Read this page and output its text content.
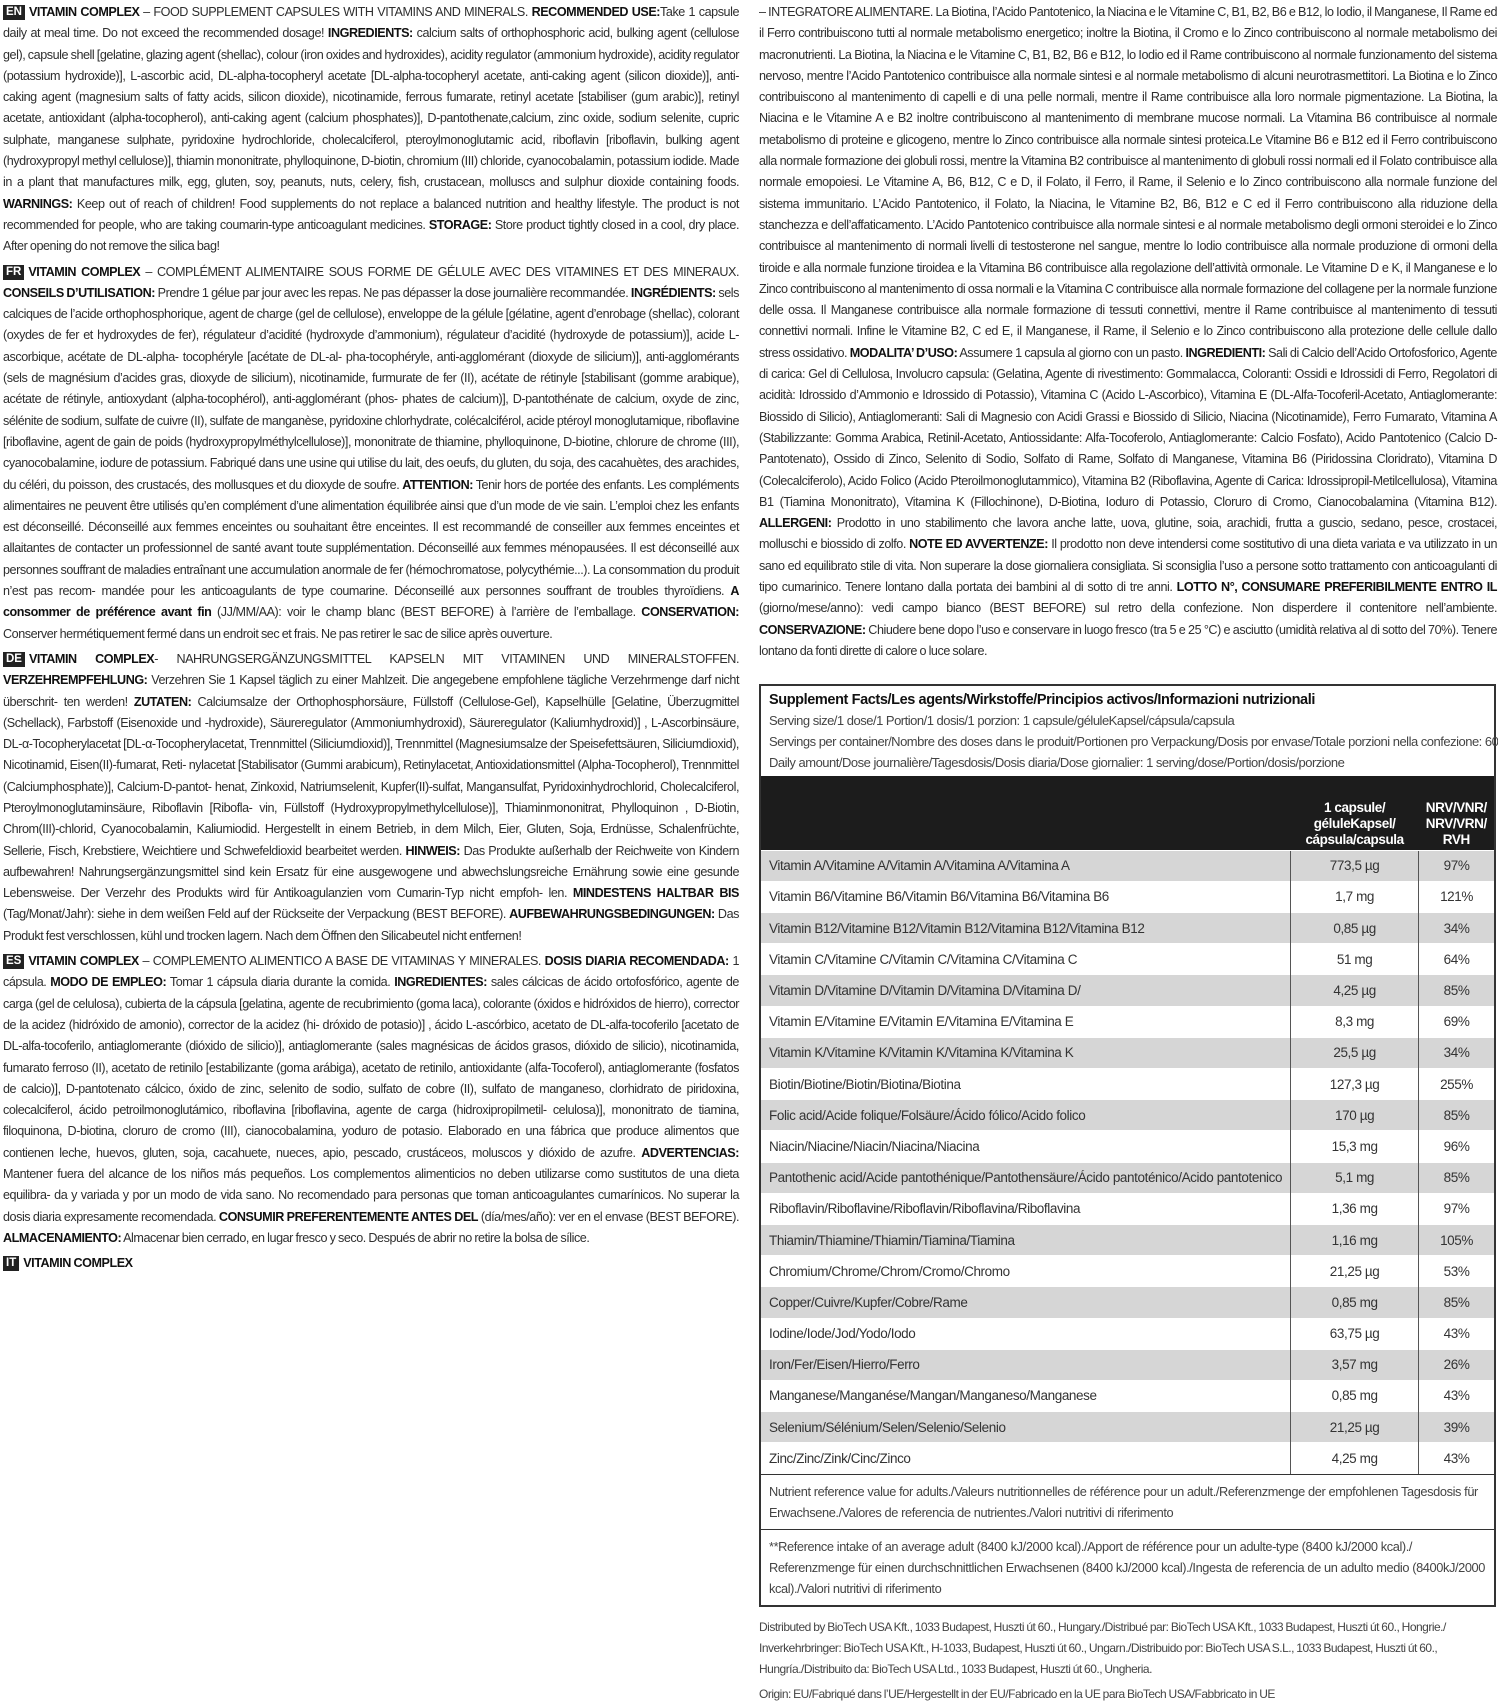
EN VITAMIN COMPLEX – FOOD SUPPLEMENT CAPSULES WITH VITAMINS AND MINERALS. RECOMMENDED USE:Take 1 capsule daily at meal time. Do not exceed the recommended dosage! INGREDIENTS: calcium salts of orthophosphoric acid, bulking agent (cellulose gel), capsule shell [gelatine, glazing agent (shellac), colour (iron oxides and hydroxides), acidity regulator (ammonium hydroxide), acidity regulator (potassium hydroxide)], L-ascorbic acid, DL-alpha-tocopheryl acetate [DL-alpha-tocopheryl acetate, anti-caking agent (silicon dioxide)], anti-caking agent (magnesium salts of fatty acids, silicon dioxide), nicotinamide, ferrous fumarate, retinyl acetate [stabiliser (gum arabic)], retinyl acetate, antioxidant (alpha-tocopherol), anti-caking agent (calcium phosphates)], D-pantothenate,calcium, zinc oxide, sodium selenite, cupric sulphate, manganese sulphate, pyridoxine hydrochloride, cholecalciferol, pteroylmonoglutamic acid, riboflavin [riboflavin, bulking agent (hydroxypropyl methyl cellulose)], thiamin mononitrate, phylloquinone, D-biotin, chromium (III) chloride, cyanocobalamin, potassium iodide. Made in a plant that manufactures milk, egg, gluten, soy, peanuts, nuts, celery, fish, crustacean, molluscs and sulphur dioxide containing foods. WARNINGS: Keep out of reach of children! Food supplements do not replace a balanced nutrition and healthy lifestyle. The product is not recommended for people, who are taking coumarin-type anticoagulant medicines. STORAGE: Store product tightly closed in a cool, dry place. After opening do not remove the silica bag!

FR VITAMIN COMPLEX – COMPLÉMENT ALIMENTAIRE SOUS FORME DE GÉLULE AVEC DES VITAMINES ET DES MINERAUX. CONSEILS D’UTILISATION: Prendre 1 gélue par jour avec les repas. Ne pas dépasser la dose journalière recommandée. INGRÉDIENTS: sels calciques de l’acide orthophosphorique, agent de charge (gel de cellulose), enveloppe de la gélule [gélatine, agent d’enrobage (shellac), colorant (oxydes de fer et hydroxydes de fer), régulateur d’acidité (hydroxyde d’ammonium), régulateur d’acidité (hydroxyde de potassium)], acide L-ascorbique, acétate de DL-alpha- tocophéryle [acétate de DL-al- pha-tocophéryle, anti-agglomérant (dioxyde de silicium)], anti-agglomérants (sels de magnésium d’acides gras, dioxyde de silicium), nicotinamide, furmurate de fer (II), acétate de rétinyle [stabilisant (gomme arabique), acétate de rétinyle, antioxydant (alpha-tocophérol), anti-agglomérant (phos- phates de calcium)], D-pantothénate de calcium, oxyde de zinc, sélénite de sodium, sulfate de cuivre (II), sulfate de manganèse, pyridoxine chlorhydrate, colécalciférol, acide ptéroyl monoglutamique, riboflavine [riboflavine, agent de gain de poids (hydroxypropylméthylcellulose)], mononitrate de thiamine, phylloquinone, D-biotine, chlorure de chrome (III), cyanocobalamine, iodure de potassium. Fabriqué dans une usine qui utilise du lait, des oeufs, du gluten, du soja, des cacahuètes, des arachides, du céléri, du poisson, des crustacés, des mollusques et du dioxyde de soufre. ATTENTION: Tenir hors de portée des enfants. Les compléments alimentaires ne peuvent être utilisés qu’en complément d’une alimentation équilibrée ainsi que d’un mode de vie sain. L’emploi chez les enfants est déconseillé. Déconseillé aux femmes enceintes ou souhaitant être enceintes. Il est recommandé de conseiller aux femmes enceintes et allaitantes de contacter un professionnel de santé avant toute supplémentation. Déconseillé aux femmes ménopausées. Il est déconseillé aux personnes souffrant de maladies entraînant une accumulation anormale de fer (hémochromatose, polycythémie...). La consommation du produit n’est pas recom- mandée pour les anticoagulants de type coumarine. Déconseillé aux personnes souffrant de troubles thyroïdiens. A consommer de préférence avant fin (JJ/MM/AA): voir le champ blanc (BEST BEFORE) à l’arrière de l’emballage. CONSERVATION: Conserver hermétiquement fermé dans un endroit sec et frais. Ne pas retirer le sac de silice après ouverture.

DE VITAMIN COMPLEX- NAHRUNGSERGÄNZUNGSMITTEL KAPSELN MIT VITAMINEN UND MINERALSTOFFEN. VERZEHREMPFEHLUNG: Verzehren Sie 1 Kapsel täglich zu einer Mahlzeit. Die angegebene empfohlene tägliche Verzehrmenge darf nicht überschrit- ten werden! ZUTATEN: Calciumsalze der Orthophosphorsäure, Füllstoff (Cellulose-Gel), Kapselhülle [Gelatine, Überzugmittel (Schellack), Farbstoff (Eisenoxide und -hydroxide), Säureregulator (Ammoniumhydroxid), Säureregulator (Kaliumhydroxid)] , L-Ascorbinsäure, DL-α-Tocopherylacetat [DL-α-Tocopherylacetat, Trennmittel (Siliciumdioxid)], Trennmittel (Magnesiumsalze der Speisefettsäuren, Siliciumdioxid), Nicotinamid, Eisen(II)-fumarat, Reti- nylacetat [Stabilisator (Gummi arabicum), Retinylacetat, Antioxidationsmittel (Alpha-Tocopherol), Trennmittel (Calciumphosphate)], Calcium-D-pantot- henat, Zinkoxid, Natriumselenit, Kupfer(II)-sulfat, Mangansulfat, Pyridoxinhydrochlorid, Cholecalciferol, Pteroylmonoglutaminsäure, Riboflavin [Ribofla- vin, Füllstoff (Hydroxypropylmethylcellulose)], Thiaminmononitrat, Phylloquinon , D-Biotin, Chrom(III)-chlorid, Cyanocobalamin, Kaliumiodid. Hergestellt in einem Betrieb, in dem Milch, Eier, Gluten, Soja, Erdnüsse, Schalenfrüchte, Sellerie, Fisch, Krebstiere, Weichtiere und Schwefeldioxid bearbeitet werden. HINWEIS: Das Produkte außerhalb der Reichweite von Kindern aufbewahren! Nahrungsergänzungsmittel sind kein Ersatz für eine ausgewogene und abwechslungsreiche Ernährung sowie eine gesunde Lebensweise. Der Verzehr des Produkts wird für Antikoagulanzien vom Cumarin-Typ nicht empfoh- len. MINDESTENS HALTBAR BIS (Tag/Monat/Jahr): siehe in dem weißen Feld auf der Rückseite der Verpackung (BEST BEFORE). AUFBEWAHRUNGSBEDINGUNGEN: Das Produkt fest verschlossen, kühl und trocken lagern. Nach dem Öffnen den Silicabeutel nicht entfernen!

ES VITAMIN COMPLEX – COMPLEMENTO ALIMENTICO A BASE DE VITAMINAS Y MINERALES. DOSIS DIARIA RECOMENDADA: 1 cápsula. MODO DE EMPLEO: Tomar 1 cápsula diaria durante la comida. INGREDIENTES: sales cálcicas de ácido ortofosfórico, agente de carga (gel de celulosa), cubierta de la cápsula [gelatina, agente de recubrimiento (goma laca), colorante (óxidos e hidróxidos de hierro), corrector de la acidez (hidróxido de amonio), corrector de la acidez (hi- dróxido de potasio)] , ácido L-ascórbico, acetato de DL-alfa-tocoferilo [acetato de DL-alfa-tocoferilo, antiaglomerante (dióxido de silicio)], antiaglomerante (sales magnésicas de ácidos grasos, dióxido de silicio), nicotinamida, fumarato ferroso (II), acetato de retinilo [estabilizante (goma arábiga), acetato de retinilo, antioxidante (alfa-Tocoferol), antiaglomerante (fosfatos de calcio)], D-pantotenato cálcico, óxido de zinc, selenito de sodio, sulfato de cobre (II), sulfato de manganeso, clorhidrato de piridoxina, colecalciferol, ácido petroilmonoglutámico, riboflavina [riboflavina, agente de carga (hidroxipropilmetil- celulosa)], mononitrato de tiamina, filoquinona, D-biotina, cloruro de cromo (III), cianocobalamina, yoduro de potasio. Elaborado en una fábrica que produce alimentos que contienen leche, huevos, gluten, soja, cacahuete, nueces, apio, pescado, crustáceos, moluscos y dióxido de azufre. ADVERTENCIAS: Mantener fuera del alcance de los niños más pequeños. Los complementos alimenticios no deben utilizarse como sustitutos de una dieta equilibra- da y variada y por un modo de vida sano. No recomendado para personas que toman anticoagulantes cumarínicos. No superar la dosis diaria expresamente recomendada. CONSUMIR PREFERENTEMENTE ANTES DEL (día/mes/año): ver en el envase (BEST BEFORE). ALMACENAMIENTO: Almacenar bien cerrado, en lugar fresco y seco. Después de abrir no retire la bolsa de sílice.

IT VITAMIN COMPLEX

– INTEGRATORE ALIMENTARE. La Biotina, l’Acido Pantotenico, la Niacina e le Vitamine C, B1, B2, B6 e B12, lo Iodio, il Manganese, Il Rame ed il Ferro contribuiscono tutti al normale metabolismo energetico; inoltre la Biotina, il Cromo e lo Zinco contribuiscono al normale metabolismo dei macronutrienti. La Biotina, la Niacina e le Vitamine C, B1, B2, B6 e B12, lo Iodio ed il Rame contribuiscono al normale funzionamento del sistema nervoso, mentre l’Acido Pantotenico contribuisce alla normale sintesi e al normale metabolismo di alcuni neurotrasmettitori. La Biotina e lo Zinco contribuiscono al mantenimento di capelli e di una pelle normali, mentre il Rame contribuisce alla loro normale pigmentazione. La Biotina, la Niacina e le Vitamine A e B2 inoltre contribuiscono al mantenimento di membrane mucose normali. La Vitamina B6 contribuisce al normale metabolismo di proteine e glicogeno, mentre lo Zinco contribuisce alla normale sintesi proteica.Le Vitamine B6 e B12 ed il Ferro contribuiscono alla normale formazione dei globuli rossi, mentre la Vitamina B2 contribuisce al mantenimento di globuli rossi normali ed il Folato contribuisce alla normale emopoiesi. Le Vitamine A, B6, B12, C e D, il Folato, il Ferro, il Rame, il Selenio e lo Zinco contribuiscono alla normale funzione del sistema immunitario. L’Acido Pantotenico, il Folato, la Niacina, le Vitamine B2, B6, B12 e C ed il Ferro contribuiscono alla riduzione della stanchezza e dell’affaticamento. L’Acido Pantotenico contribuisce alla normale sintesi e al normale metabolismo degli ormoni steroidei e lo Zinco contribuisce al mantenimento di normali livelli di testosterone nel sangue, mentre lo Iodio contribuisce alla normale produzione di ormoni della tiroide e alla normale funzione tiroidea e la Vitamina B6 contribuisce alla regolazione dell’attività ormonale. Le Vitamine D e K, il Manganese e lo Zinco contribuiscono al mantenimento di ossa normali e la Vitamina C contribuisce alla normale formazione del collagene per la normale funzione delle ossa. Il Manganese contribuisce alla normale formazione di tessuti connettivi, mentre il Rame contribuisce al mantenimento di tessuti connettivi normali. Infine le Vitamine B2, C ed E, il Manganese, il Rame, il Selenio e lo Zinco contribuiscono alla protezione delle cellule dallo stress ossidativo. MODALITA’ D’USO: Assumere 1 capsula al giorno con un pasto. INGREDIENTI: Sali di Calcio dell’Acido Ortofosforico, Agente di carica: Gel di Cellulosa, Involucro capsula: (Gelatina, Agente di rivestimento: Gommalacca, Coloranti: Ossidi e Idrossidi di Ferro, Regolatori di acidità: Idrossido d’Ammonio e Idrossido di Potassio), Vitamina C (Acido L-Ascorbico), Vitamina E (DL-Alfa-Tocoferil-Acetato, Antiaglomerante: Biossido di Silicio), Antiaglomeranti: Sali di Magnesio con Acidi Grassi e Biossido di Silicio, Niacina (Nicotinamide), Ferro Fumarato, Vitamina A (Stabilizzante: Gomma Arabica, Retinil-Acetato, Antiossidante: Alfa-Tocoferolo, Antiaglomerante: Calcio Fosfato), Acido Pantotenico (Calcio D-Pantotenato), Ossido di Zinco, Selenito di Sodio, Solfato di Rame, Solfato di Manganese, Vitamina B6 (Piridossina Cloridrato), Vitamina D (Colecalciferolo), Acido Folico (Acido Pteroilmonoglutammico), Vitamina B2 (Riboflavina, Agente di Carica: Idrossipropil-Metilcellulosa), Vitamina B1 (Tiamina Mononitrato), Vitamina K (Fillochinone), D-Biotina, Ioduro di Potassio, Cloruro di Cromo, Cianocobalamina (Vitamina B12). ALLERGENI: Prodotto in uno stabilimento che lavora anche latte, uova, glutine, soia, arachidi, frutta a guscio, sedano, pesce, crostacei, molluschi e biossido di zolfo. NOTE ED AVVERTENZE: Il prodotto non deve intendersi come sostitutivo di una dieta variata e va utilizzato in un sano ed equilibrato stile di vita. Non superare la dose giornaliera consigliata. Si sconsiglia l’uso a persone sotto trattamento con anticoagulanti di tipo cumarinico. Tenere lontano dalla portata dei bambini al di sotto di tre anni. LOTTO N°, CONSUMARE PREFERIBILMENTE ENTRO IL (giorno/mese/anno): vedi campo bianco (BEST BEFORE) sul retro della confezione. Non disperdere il contenitore nell’ambiente. CONSERVAZIONE: Chiudere bene dopo l’uso e conservare in luogo fresco (tra 5 e 25 °C) e asciutto (umidità relativa al di sotto del 70%). Tenere lontano da fonti dirette di calore o luce solare.

Supplement Facts/Les agents/Wirkstoffe/Principios activos/Informazioni nutrizionali
Serving size/1 dose/1 Portion/1 dosis/1 porzion: 1 capsule/géluleKapsel/cápsula/capsula
Servings per container/Nombre des doses dans le produit/Portionen pro Verpackung/Dosis por envase/Totale porzioni nella confezione: 60
Daily amount/Dose journalière/Tagesdosis/Dosis diaria/Dose giornalier: 1 serving/dose/Portion/dosis/porzione
	1 capsule/ géluleKapsel/ cápsula/capsula	NRV/VNR/ NRV/VRN/ RVH
Vitamin A/Vitamine A/Vitamin A/Vitamina A/Vitamina A	773,5 µg	97%
Vitamin B6/Vitamine B6/Vitamin B6/Vitamina B6/Vitamina B6	1,7 mg	121%
Vitamin B12/Vitamine B12/Vitamin B12/Vitamina B12/Vitamina B12	0,85 µg	34%
Vitamin C/Vitamine C/Vitamin C/Vitamina C/Vitamina C	51 mg	64%
Vitamin D/Vitamine D/Vitamin D/Vitamina D/Vitamina D/	4,25 µg	85%
Vitamin E/Vitamine E/Vitamin E/Vitamina E/Vitamina E	8,3 mg	69%
Vitamin K/Vitamine K/Vitamin K/Vitamina K/Vitamina K	25,5 µg	34%
Biotin/Biotine/Biotin/Biotina/Biotina	127,3 µg	255%
Folic acid/Acide folique/Folsäure/Ácido fólico/Acido folico	170 µg	85%
Niacin/Niacine/Niacin/Niacina/Niacina	15,3 mg	96%
Pantothenic acid/Acide pantothénique/Pantothensäure/Ácido pantoténico/Acido pantotenico	5,1 mg	85%
Riboflavin/Riboflavine/Riboflavin/Riboflavina/Riboflavina	1,36 mg	97%
Thiamin/Thiamine/Thiamin/Tiamina/Tiamina	1,16 mg	105%
Chromium/Chrome/Chrom/Cromo/Chromo	21,25 µg	53%
Copper/Cuivre/Kupfer/Cobre/Rame	0,85 mg	85%
Iodine/Iode/Jod/Yodo/Iodo	63,75 µg	43%
Iron/Fer/Eisen/Hierro/Ferro	3,57 mg	26%
Manganese/Manganése/Mangan/Manganeso/Manganese	0,85 mg	43%
Selenium/Sélénium/Selen/Selenio/Selenio	21,25 µg	39%
Zinc/Zinc/Zink/Cinc/Zinco	4,25 mg	43%
Nutrient reference value for adults./Valeurs nutritionnelles de référence pour un adult./Referenzmenge der empfohlenen Tagesdosis für Erwachsene./Valores de referencia de nutrientes./Valori nutritivi di riferimento
**Reference intake of an average adult (8400 kJ/2000 kcal)./Apport de référence pour un adulte-type (8400 kJ/2000 kcal)./ Referenzmenge für einen durchschnittlichen Erwachsenen (8400 kJ/2000 kcal)./Ingesta de referencia de un adulto medio (8400kJ/2000 kcal)./Valori nutritivi di riferimento

Distributed by BioTech USA Kft., 1033 Budapest, Huszti út 60., Hungary./Distribué par: BioTech USA Kft., 1033 Budapest, Huszti út 60., Hongrie./ Inverkehrbringer: BioTech USA Kft., H-1033, Budapest, Huszti út 60., Ungarn./Distribuido por: BioTech USA S.L., 1033 Budapest, Huszti út 60., Hungría./Distribuito da: BioTech USA Ltd., 1033 Budapest, Huszti út 60., Ungheria.

Origin: EU/Fabriqué dans l’UE/Hergestellt in der EU/Fabricado en la UE para BioTech USA/Fabbricato in UE
